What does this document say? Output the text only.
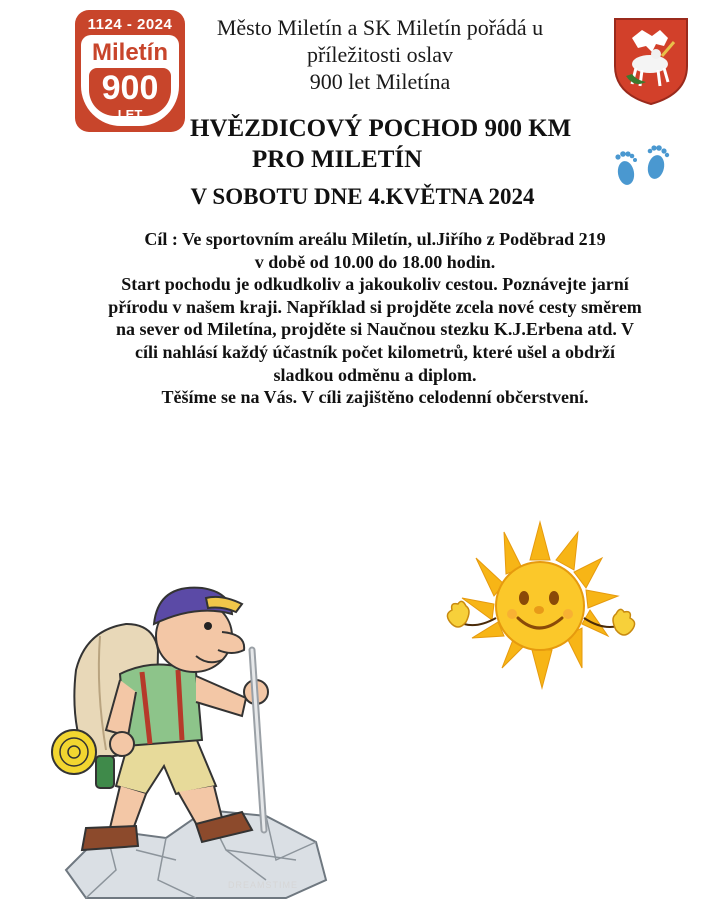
1124 - 2024
Miletín
900
LET
Město Miletín a SK Miletín pořádá u
příležitosti oslav
900 let Miletína
HVĚZDICOVÝ POCHOD 900 KM
PRO MILETÍN
V SOBOTU DNE 4.KVĚTNA 2024
Cíl : Ve sportovním areálu Miletín, ul.Jiřího z Poděbrad 219
v době od 10.00 do 18.00 hodin.
Start pochodu je odkudkoliv a jakoukoliv cestou. Poznávejte jarní
přírodu v našem kraji. Například si projděte zcela nové cesty směrem
na sever od Miletína, projděte si Naučnou stezku K.J.Erbena atd. V
cíli nahlásí každý účastník počet kilometrů, které ušel a obdrží
sladkou odměnu a diplom.
Těšíme se na Vás. V cíli zajištěno celodenní občerstvení.
DREAMSTIME
